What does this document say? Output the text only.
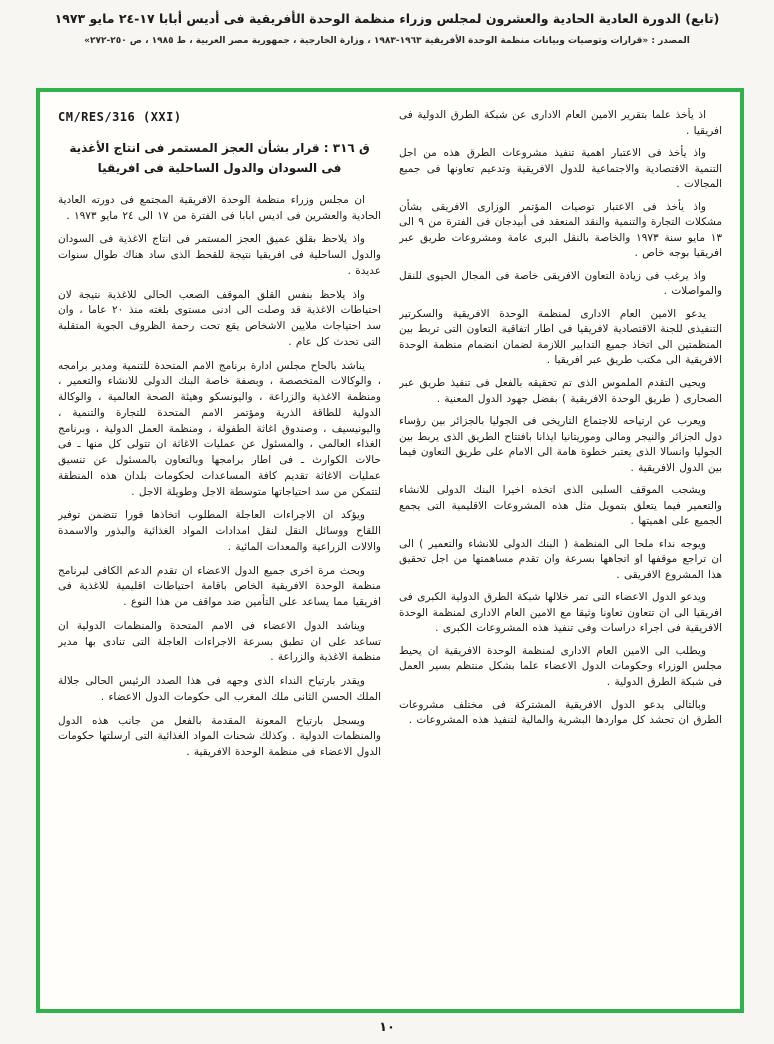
(تابع) الدورة العادية الحادية والعشرون لمجلس وزراء منظمة الوحدة الأفريقية فى أديس أبابا ١٧-٢٤ مايو ١٩٧٣
المصدر : «قرارات وتوصيات وبيانات منظمة الوحدة الأفريقية ١٩٦٣-١٩٨٣ ، وزارة الخارجية ، جمهورية مصر العربية ، ط ١٩٨٥ ، ص ٢٥٠-٢٧٢»

اذ يأخذ علما بتقرير الامين العام الادارى عن شبكة الطرق الدولية فى افريقيا .

واذ يأخذ فى الاعتبار اهمية تنفيذ مشروعات الطرق هذه من اجل التنمية الاقتصادية والاجتماعية للدول الافريقية وتدعيم تعاونها فى جميع المجالات .

واذ يأخذ فى الاعتبار توصيات المؤتمر الوزارى الافريقى بشأن مشكلات التجارة والتنمية والنقد المنعقد فى أبيدجان فى الفترة من ٩ الى ١٣ مايو سنة ١٩٧٣ والخاصة بالنقل البرى عامة ومشروعات طريق عبر افريقيا بوجه خاص .

واذ يرغب فى زيادة التعاون الافريقى خاصة فى المجال الحيوى للنقل والمواصلات .

يدعو الامين العام الادارى لمنظمة الوحدة الافريقية والسكرتير التنفيذى للجنة الاقتصادية لافريقيا فى اطار اتفاقية التعاون التى تربط بين المنظمتين الى اتخاذ جميع التدابير اللازمة لضمان انضمام منظمة الوحدة الافريقية الى مكتب طريق عبر افريقيا .

ويحيى التقدم الملموس الذى تم تحقيقه بالفعل فى تنفيذ طريق عبر الصحارى ( طريق الوحدة الافريقية ) بفضل جهود الدول المعنية .

ويعرب عن ارتياحه للاجتماع التاريخى فى الجوليا بالجزائر بين رؤساء دول الجزائر والنيجر ومالى وموريتانيا ايذانا بافتتاح الطريق الذى يربط بين الجوليا وانسالا الذى يعتبر خطوة هامة الى الامام على طريق التعاون فيما بين الدول الافريقية .

ويشجب الموقف السلبى الذى اتخذه اخيرا البنك الدولى للانشاء والتعمير فيما يتعلق بتمويل مثل هذه المشروعات الاقليمية التى يجمع الجميع على اهميتها .

ويوجه نداء ملحا الى المنظمة ( البنك الدولى للانشاء والتعمير ) الى ان تراجع موقفها او اتجاهها بسرعة وان تقدم مساهمتها من اجل تحقيق هذا المشروع الافريقى .

ويدعو الدول الاعضاء التى تمر خلالها شبكة الطرق الدولية الكبرى فى افريقيا الى ان تتعاون تعاونا وثيقا مع الامين العام الادارى لمنظمة الوحدة الافريقية فى اجراء دراسات وفى تنفيذ هذه المشروعات الكبرى .

ويطلب الى الامين العام الادارى لمنظمة الوحدة الافريقية ان يحيط مجلس الوزراء وحكومات الدول الاعضاء علما بشكل منتظم بسير العمل فى شبكة الطرق الدولية .

وبالتالى يدعو الدول الافريقية المشتركة فى مختلف مشروعات الطرق ان تحشد كل مواردها البشرية والمالية لتنفيذ هذه المشروعات .

CM/RES/316 (XXI)
ق ٣١٦ : قرار بشأن العجز المستمر فى انتاج الأغذية فى السودان والدول الساحلية فى افريقيا

ان مجلس وزراء منظمة الوحدة الافريقية المجتمع فى دورته العادية الحادية والعشرين فى اديس ابابا فى الفترة من ١٧ الى ٢٤ مايو ١٩٧٣ .

واذ يلاحظ بقلق عميق العجز المستمر فى انتاج الاغذية فى السودان والدول الساحلية فى افريقيا نتيجة للقحط الذى ساد هناك طوال سنوات عديدة .

واذ يلاحظ بنفس القلق الموقف الصعب الحالى للاغذية نتيجة لان احتياطات الاغذية قد وصلت الى ادنى مستوى بلغته منذ ٢٠ عاما ، وان سد احتياجات ملايين الاشخاص يقع تحت رحمة الظروف الجوية المتقلبة التى تحدث كل عام .

يناشد بالحاح مجلس ادارة برنامج الامم المتحدة للتنمية ومدير برامجه ، والوكالات المتخصصة ، وبصفة خاصة البنك الدولى للانشاء والتعمير ، ومنظمة الاغذية والزراعة ، واليونسكو وهيئة الصحة العالمية ، والوكالة الدولية للطاقة الذرية ومؤتمر الامم المتحدة للتجارة والتنمية ، واليونيسيف ، وصندوق اغاثة الطفولة ، ومنظمة العمل الدولية ، وبرنامج الغذاء العالمى ، والمسئول عن عمليات الاغاثة ان تتولى كل منها ـ فى حالات الكوارث ـ فى اطار برامجها وبالتعاون بالمسئول عن تنسيق عمليات الاغاثة تقديم كافة المساعدات لحكومات بلدان هذه المنطقة لتتمكن من سد احتياجاتها متوسطة الاجل وطويلة الاجل .

ويؤكد ان الاجراءات العاجلة المطلوب اتخاذها فورا تتضمن توفير اللقاح ووسائل النقل لنقل امدادات المواد الغذائية والبذور والاسمدة والالات الزراعية والمعدات المائية .

وبحث مرة اخرى جميع الدول الاعضاء ان تقدم الدعم الكافى لبرنامج منظمة الوحدة الافريقية الخاص باقامة احتياطات اقليمية للاغذية فى افريقيا مما يساعد على التأمين ضد مواقف من هذا النوع .

ويناشد الدول الاعضاء فى الامم المتحدة والمنظمات الدولية ان تساعد على ان تطبق بسرعة الاجراءات العاجلة التى تنادى بها مدير منظمة الاغذية والزراعة .

ويقدر بارتياح النداء الذى وجهه فى هذا الصدد الرئيس الحالى جلالة الملك الحسن الثانى ملك المغرب الى حكومات الدول الاعضاء .

ويسجل بارتياح المعونة المقدمة بالفعل من جانب هذه الدول والمنظمات الدولية . وكذلك شحنات المواد الغذائية التى ارسلتها حكومات الدول الاعضاء فى منظمة الوحدة الافريقية .

١٠
